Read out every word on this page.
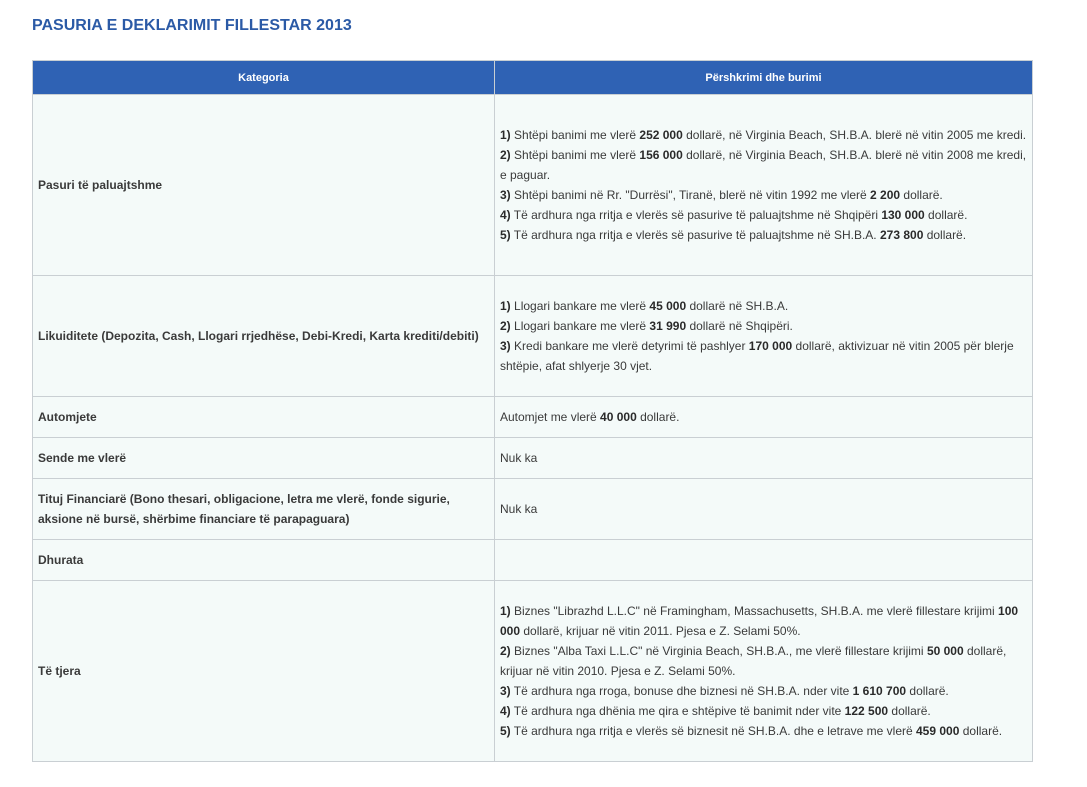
PASURIA E DEKLARIMIT FILLESTAR 2013
Kategoria	Përshkrimi dhe burimi
Pasuri të paluajtshme	1) Shtëpi banimi me vlerë 252 000 dollarë, në Virginia Beach, SH.B.A. blerë në vitin 2005 me kredi.
2) Shtëpi banimi me vlerë 156 000 dollarë, në Virginia Beach, SH.B.A. blerë në vitin 2008 me kredi, e paguar.
3) Shtëpi banimi në Rr. "Durrësi", Tiranë, blerë në vitin 1992 me vlerë 2 200 dollarë.
4) Të ardhura nga rritja e vlerës së pasurive të paluajtshme në Shqipëri 130 000 dollarë.
5) Të ardhura nga rritja e vlerës së pasurive të paluajtshme në SH.B.A. 273 800 dollarë.

Likuiditete (Depozita, Cash, Llogari rrjedhëse, Debi-Kredi, Karta krediti/debiti)	1) Llogari bankare me vlerë 45 000 dollarë në SH.B.A.
2) Llogari bankare me vlerë 31 990 dollarë në Shqipëri.
3) Kredi bankare me vlerë detyrimi të pashlyer 170 000 dollarë, aktivizuar në vitin 2005 për blerje shtëpie, afat shlyerje 30 vjet.

Automjete	Automjet me vlerë 40 000 dollarë.

Sende me vlerë	Nuk ka

Tituj Financiarë (Bono thesari, obligacione, letra me vlerë, fonde sigurie, aksione në bursë, shërbime financiare të parapaguara)	Nuk ka

Dhurata	
Të tjera	1) Biznes "Librazhd L.L.C" në Framingham, Massachusetts, SH.B.A. me vlerë fillestare krijimi 100 000 dollarë, krijuar në vitin 2011. Pjesa e Z. Selami 50%.
2) Biznes "Alba Taxi L.L.C" në Virginia Beach, SH.B.A., me vlerë fillestare krijimi 50 000 dollarë, krijuar në vitin 2010. Pjesa e Z. Selami 50%.
3) Të ardhura nga rroga, bonuse dhe biznesi në SH.B.A. nder vite 1 610 700 dollarë.
4) Të ardhura nga dhënia me qira e shtëpive të banimit nder vite 122 500 dollarë.
5) Të ardhura nga rritja e vlerës së biznesit në SH.B.A. dhe e letrave me vlerë 459 000 dollarë.
